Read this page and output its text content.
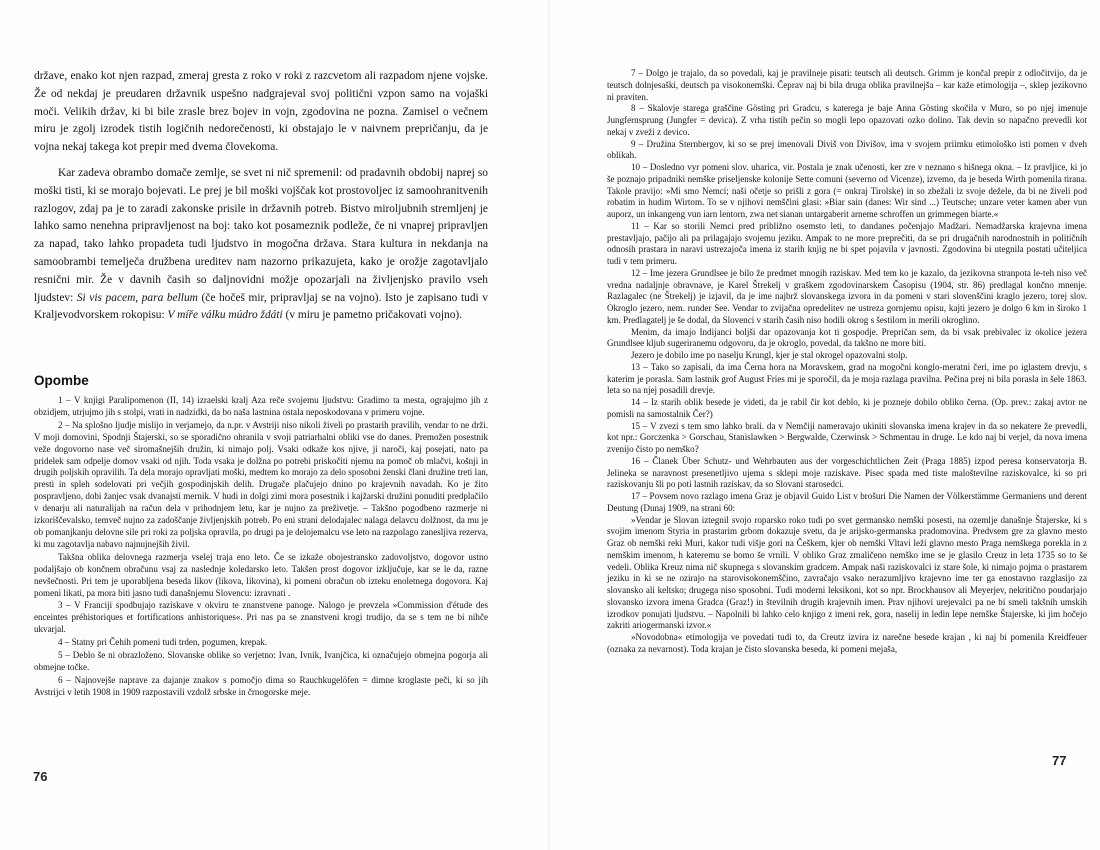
države, enako kot njen razpad, zmeraj gresta z roko v roki z razcvetom ali razpadom njene vojske. Že od nekdaj je preudaren državnik uspešno nadgrajeval svoj politični vzpon samo na vojaški moči. Velikih držav, ki bi bile zrasle brez bojev in vojn, zgodovina ne pozna. Zamisel o večnem miru je zgolj izrodek tistih logičnih nedorečenosti, ki obstajajo le v naivnem prepričanju, da je vojna nekaj takega kot prepir med dvema človekoma.

Kar zadeva obrambo domače zemlje, se svet ni nič spremenil: od pradavnih obdobij naprej so moški tisti, ki se morajo bojevati. Le prej je bil moški vojščak kot prostovoljec iz samoohranitvenih razlogov, zdaj pa je to zaradi zakonske prisile in državnih potreb. Bistvo miroljubnih stremljenj je lahko samo nenehna pripravljenost na boj: tako kot posameznik podleže, če ni vnaprej pripravljen za napad, tako lahko propadeta tudi ljudstvo in mogočna država. Stara kultura in nekdanja na samoobrambi temelječa družbena ureditev nam nazorno prikazujeta, kako je orožje zagotavljalo resnični mir. Že v davnih časih so daljnovidni možje opozarjali na življenjsko pravilo vseh ljudstev: Si vis pacem, para bellum (če hočeš mir, pripravljaj se na vojno). Isto je zapisano tudi v Kraljevodvorskem rokopisu: V míře válku múdro ždáti (v miru je pametno pričakovati vojno).

Opombe

1 – V knjigi Paralipomenon (II, 14) izraelski kralj Aza reče svojemu ljudstvu: Gradimo ta mesta, ograjujmo jih z obzidjem, utrjujmo jih s stolpi, vrati in nadzidki, da bo naša lastnina ostala neposkodovana v primeru vojne.

2 – Na splošno ljudje mislijo in verjamejo, da n.pr. v Avstriji niso nikoli živeli po prastarih pravilih, vendar to ne drži. V moji domovini, Spodnji Štajerski, so se sporadično ohranila v svoji patriarhalni obliki vse do danes. Premožen posestnik veže dogovorno nase več siromašnejših družin, ki nimajo polj. Vsaki odkaže kos njive, ji naroči, kaj posejati, nato pa pridelek sam odpelje domov vsaki od njih. Toda vsaka je dolžna po potrebi priskočiti njemu na pomoč ob mlačvi, košnji in drugih poljskih opravilih. Ta dela morajo opravljati moški, medtem ko morajo za delo sposobni ženski člani družine treti lan, presti in spleh sodelovati pri večjih gospodinjskih delih. Drugače plačujejo dnino po krajevnih navadah. Ko je žito pospravljeno, dobi žanjec vsak dvanajsti mernik. V hudi in dolgi zimi mora posestnik i kajžarski družini ponuditi predplačilo v denarju ali naturalijah na račun dela v prihodnjem letu, kar je nujno za preživetje. – Takšno pogodbeno razmerje ni izkoriščevalsko, temveč nujno za zadoščanje življenjskih potreb. Po eni strani delodajalec nalaga delavcu dolžnost, da mu je ob pomanjkanju delovne sile pri roki za poljska opravila, po drugi pa je delojemalcu vse leto na razpolago zanesljiva rezerva, ki mu zagotavlja nabavo najnujnejših živil.

Takšna oblika delovnega razmerja vselej traja eno leto. Če se izkaže obojestransko zadovoljstvo, dogovor ustno podaljšajo ob končnem obračunu vsaj za naslednje koledarsko leto. Takšen prost dogovor izključuje, kar se le da, razne nevšečnosti. Pri tem je uporabljena beseda likov (likova, likovina), ki pomeni obračun ob izteku enoletnega dogovora. Kaj pomeni likati, pa mora biti jasno tudi današnjemu Slovencu: izravnati .

3 – V Franciji spodbujajo raziskave v okviru te znanstvene panoge. Nalogo je prevzela »Commission d'étude des enceintes préhistoriques et fortifications anhistoriques«. Pri nas pa se znanstveni krogi trudijo, da se s tem ne bi nihče ukvarjal.

4 – Statny pri Čehih pomeni tudi trden, pogumen, krepak.

5 – Deblo še ni obrazloženo. Slovanske oblike so verjetno: Ivan, Ivnik, Ivanjčica, ki označujejo obmejna pogorja ali obmejne točke.

6 – Najnovejše naprave za dajanje znakov s pomočjo dima so Rauchkugelöfen = dimne kroglaste peči, ki so jih Avstrijci v letih 1908 in 1909 razpostavili vzdolž srbske in črnogorske meje.

76

7 – Dolgo je trajalo, da so povedali, kaj je pravilneje pisati: teutsch ali deutsch. Grimm je končal prepir z odločitvijo, da je teutsch dolnjesaški, deutsch pa visokonemški. Čeprav naj bi bila druga oblika pravilnejša – kar kaže etimologija –, sklep jezikovno ni praviten.

8 – Skalovje starega graščine Gösting pri Gradcu, s katerega je baje Anna Gösting skočila v Muro, so po njej imenuje Jungfernsprung (Jungfer = devica). Z vrha tistih pečin so mogli lepo opazovati ozko dolino. Tak devin so napačno prevedli kot nekaj v zveži z devico.

9 – Družina Sternbergov, ki so se prej imenovali Diviš von Divišov, ima v svojem priimku etimološko isti pomen v dveh oblikah.

10 – Dosledno vyr pomeni slov. uharica, vir. Postala je znak učenosti, ker zre v neznano s hišnega okna. – Iz pravljice, ki jo še poznajo pripadniki nemške priseljenske kolonije Sette comuni (severno od Vicenze), izvemo, da je beseda Wirth pomenila tirana. Takole pravijo: »Mi smo Nemci; naši očetje so prišli z gora (= onkraj Tirolske) in so zbežali iz svoje dežele, da bi ne živeli pod robatim in hudim Wirtom. To se v njihovi nemščini glasi: »Biar sain (danes: Wir sind ...) Teutsche; unzare veter kamen aber vun auporz, un inkangeng vun iarn lentorn, zwa net sianan untargaberit arneme schroffen un grimmegen biarte.«

11 – Kar so storili Nemci pred približno osemsto leti, to dandanes počenjajo Madžari. Nemadžarska krajevna imena prestavljajo, pačijo ali pa prilagajajo svojemu jeziku. Ampak to ne more preprečiti, da se pri drugačnih narodnostnih in političnih odnosih prastara in naravi ustrezajoča imena iz starih knjig ne bi spet pojavila v javnosti. Zgodovina bi utegnila postati učiteljica tudi v tem primeru.

12 – Ime jezera Grundlsee je bilo že predmet mnogih raziskav. Med tem ko je kazalo, da jezikovna stranpota le-teh niso več vredna nadaljnje obravnave, je Karel Štrekelj v graškem zgodovinarskem Časopisu (1904, str. 86) predlagal končno mnenje. Razlagalec (ne Štrekelj) je izjavil, da je ime najbrž slovanskega izvora in da pomeni v stari slovenščini kraglo jezero, torej slov. Okroglo jezero, nem. runder See. Vendar to zvijačna opredelitev ne ustreza gornjemu opisu, kajti jezero je dolgo 6 km in široko 1 km. Predlagatelj je še dodal, da Slovenci v starih časih niso hodili okrog s šestilom in merili okroglino.

Menim, da imajo Indijanci boljši dar opazovanja kot ti gospodje. Prepričan sem, da bi vsak prebivalec iz okolice jezera Grundlsee kljub sugeriranemu odgovoru, da je okroglo, povedal, da takšno ne more biti.

Jezero je dobilo ime po naselju Krungl, kjer je stal okrogel opazovalni stolp.

13 – Tako so zapisali, da ima Černa hora na Moravskem, grad na mogočni konglo-meratni čeri, ime po iglastem drevju, s katerim je porasla. Sam lastnik grof August Fries mi je sporočil, da je moja razlaga pravilna. Pečina prej ni bila porasla in šele 1863. leta so na njej posadili drevje.

14 – Iz starih oblik besede je videti, da je rabil čir kot deblo, ki je pozneje dobilo obliko černa. (Op. prev.: zakaj avtor ne pomisli na samostalnik Čer?)

15 – V zvezi s tem smo lahko brali. da v Nemčiji nameravajo ukiniti slovanska imena krajev in da so nekatere že prevedli, kot npr.: Gorczenka > Gorschau, Stanislawken > Bergwalde, Czerwinsk > Schmentau in druge. Le kdo naj bi verjel, da nova imena zvenijo čisto po nemško?

16 – Članek Über Schutz- und Wehrbauten aus der vorgeschichtlichen Zeit (Praga 1885) izpod peresa konservatorja B. Jelineka se naravnost presenetljivo ujema s sklepi moje raziskave. Pisec spada med tiste maloštevilne raziskovalce, ki so pri raziskovanju šli po poti lastnih raziskav, da so Slovani starosedci.

17 – Povsem novo razlago imena Graz je objavil Guido List v brošuri Die Namen der Völkerstämme Germaniens und derent Deutung (Dunaj 1909, na strani 60:

»Vendar je Slovan iztegnil svojo roparsko roko tudi po svet germansko nemški posesti, na ozemlje današnje Štajerske, ki s svojim imenom Styria in prastarim grbom dokazuje svetu, da je arijsko-germanska pradomovina. Predvsem gre za glavno mesto Graz ob nemški reki Muri, kakor tudi višje gori na Češkem, kjer ob nemški Vltavi leži glavno mesto Praga nemškega porekla in z nemškim imenom, h kateremu se bomo še vrnili. V obliko Graz zmaličeno nemško ime se je glasilo Creuz in leta 1735 so to še vedeli. Oblika Kreuz nima nič skupnega s slovanskim gradcem. Ampak naši raziskovalci iz stare šole, ki nimajo pojma o prastarem jeziku in ki se ne ozirajo na starovisokonemščino, zavračajo vsako nerazumljivo krajevno ime ter ga enostavno razglasijo za slovansko ali keltsko; drugega niso sposobni. Tudi moderni leksikoni, kot so npr. Brockhausov ali Meyerjev, nekritično poudarjajo slovansko izvora imena Gradca (Graz!) in številnih drugih krajevnih imen. Prav njihovi urejevalci pa ne bi smeli takšnih umskih izrodkov ponujati ljudstvu. – Napolnili bi lahko celo knjigo z imeni rek, gora, naselij in ledin lepe nemške Štajerske, ki jim hočejo zakriti ariogermanski izvor.«

»Novodobna« etimologija ve povedati tudi to, da Creutz izvira iz narečne besede krajan , ki naj bi pomenila Kreidfeuer (oznaka za nevarnost). Toda krajan je čisto slovanska beseda, ki pomeni mejaša,

77
